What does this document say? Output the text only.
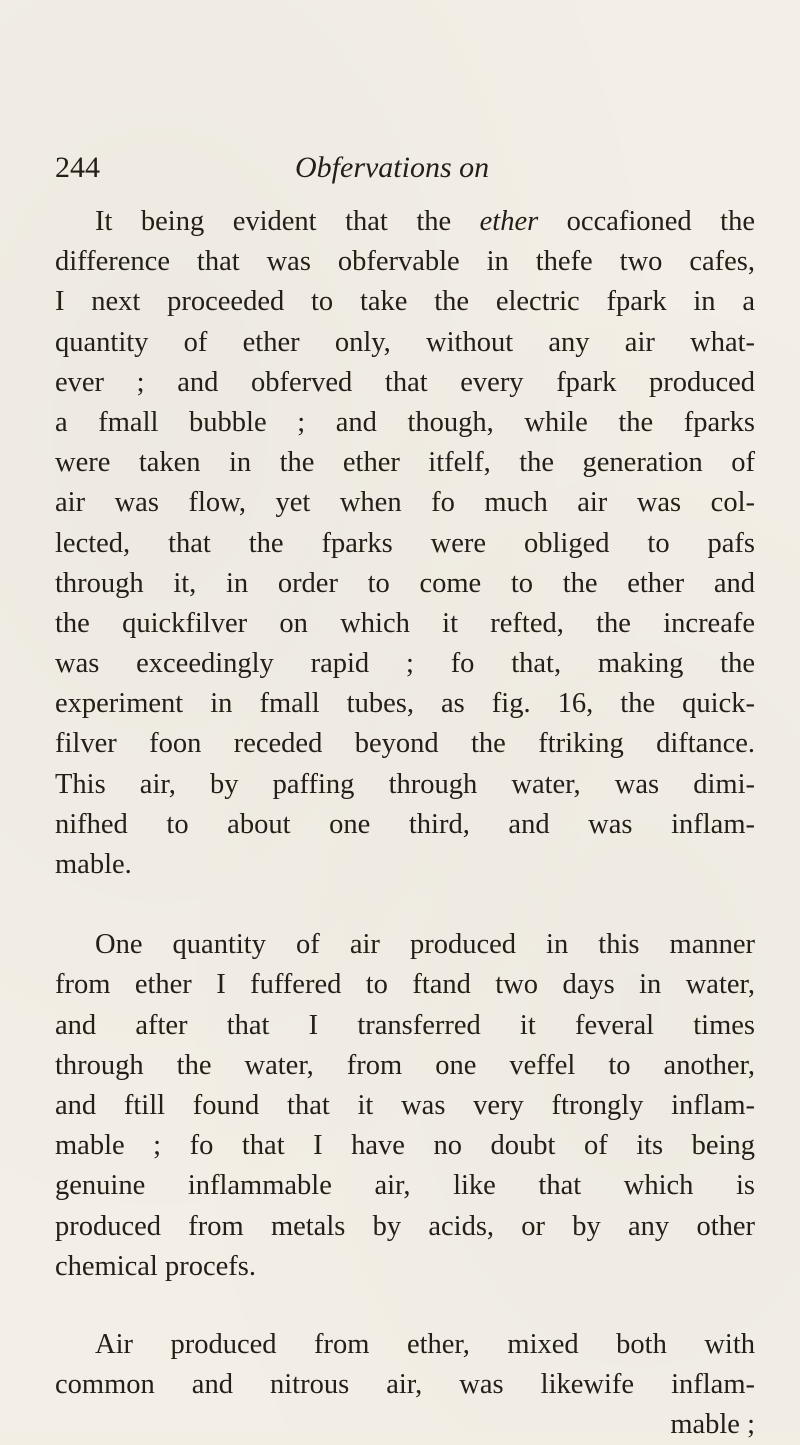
244	Obfervations on
It being evident that the ether occafioned the
difference that was obfervable in thefe two cafes,
I next proceeded to take the electric fpark in a
quantity of ether only, without any air what-
ever ; and obferved that every fpark produced
a fmall bubble ; and though, while the fparks
were taken in the ether itfelf, the generation of
air was flow, yet when fo much air was col-
lected, that the fparks were obliged to pafs
through it, in order to come to the ether and
the quickfilver on which it refted, the increafe
was exceedingly rapid ; fo that, making the
experiment in fmall tubes, as fig. 16, the quick-
filver foon receded beyond the ftriking diftance.
This air, by paffing through water, was dimi-
nifhed to about one third, and was inflam-
mable.
One quantity of air produced in this manner
from ether I fuffered to ftand two days in water,
and after that I transferred it feveral times
through the water, from one veffel to another,
and ftill found that it was very ftrongly inflam-
mable ; fo that I have no doubt of its being
genuine inflammable air, like that which is
produced from metals by acids, or by any other
chemical procefs.
Air produced from ether, mixed both with
common and nitrous air, was likewife inflam-
mable ;
